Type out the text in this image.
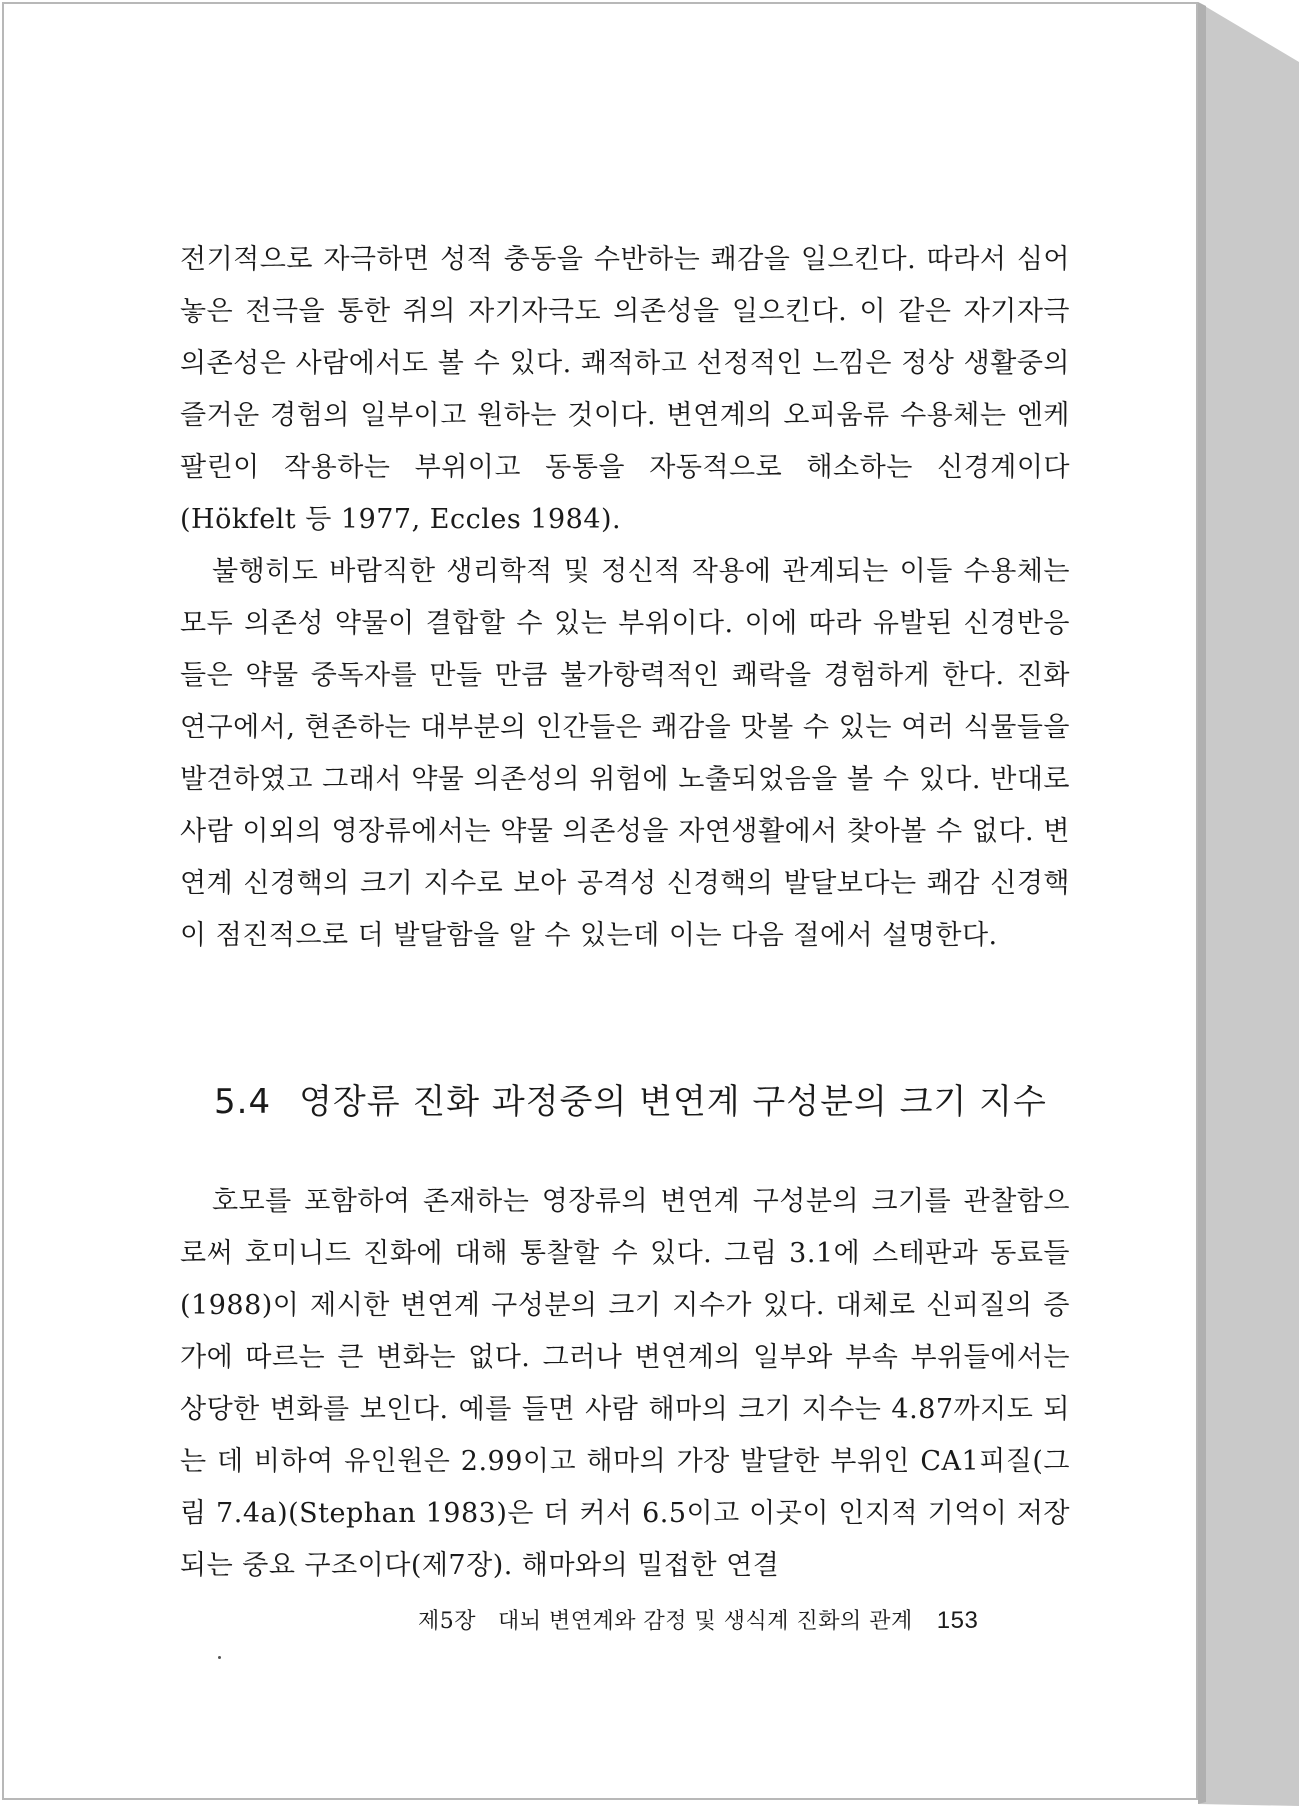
전기적으로 자극하면 성적 충동을 수반하는 쾌감을 일으킨다. 따라서 심어 놓은 전극을 통한 쥐의 자기자극도 의존성을 일으킨다. 이 같은 자기자극 의존성은 사람에서도 볼 수 있다. 쾌적하고 선정적인 느낌은 정상 생활중의 즐거운 경험의 일부이고 원하는 것이다. 변연계의 오피움류 수용체는 엔케팔린이 작용하는 부위이고 동통을 자동적으로 해소하는 신경계이다(Hökfelt 등 1977, Eccles 1984).

불행히도 바람직한 생리학적 및 정신적 작용에 관계되는 이들 수용체는 모두 의존성 약물이 결합할 수 있는 부위이다. 이에 따라 유발된 신경반응들은 약물 중독자를 만들 만큼 불가항력적인 쾌락을 경험하게 한다. 진화 연구에서, 현존하는 대부분의 인간들은 쾌감을 맛볼 수 있는 여러 식물들을 발견하였고 그래서 약물 의존성의 위험에 노출되었음을 볼 수 있다. 반대로 사람 이외의 영장류에서는 약물 의존성을 자연생활에서 찾아볼 수 없다. 변연계 신경핵의 크기 지수로 보아 공격성 신경핵의 발달보다는 쾌감 신경핵이 점진적으로 더 발달함을 알 수 있는데 이는 다음 절에서 설명한다.

5.4 영장류 진화 과정중의 변연계 구성분의 크기 지수

호모를 포함하여 존재하는 영장류의 변연계 구성분의 크기를 관찰함으로써 호미니드 진화에 대해 통찰할 수 있다. 그림 3.1에 스테판과 동료들(1988)이 제시한 변연계 구성분의 크기 지수가 있다. 대체로 신피질의 증가에 따르는 큰 변화는 없다. 그러나 변연계의 일부와 부속 부위들에서는 상당한 변화를 보인다. 예를 들면 사람 해마의 크기 지수는 4.87까지도 되는 데 비하여 유인원은 2.99이고 해마의 가장 발달한 부위인 CA1피질(그림 7.4a)(Stephan 1983)은 더 커서 6.5이고 이곳이 인지적 기억이 저장되는 중요 구조이다(제7장). 해마와의 밀접한 연결

제5장 대뇌 변연계와 감정 및 생식계 진화의 관계 153
